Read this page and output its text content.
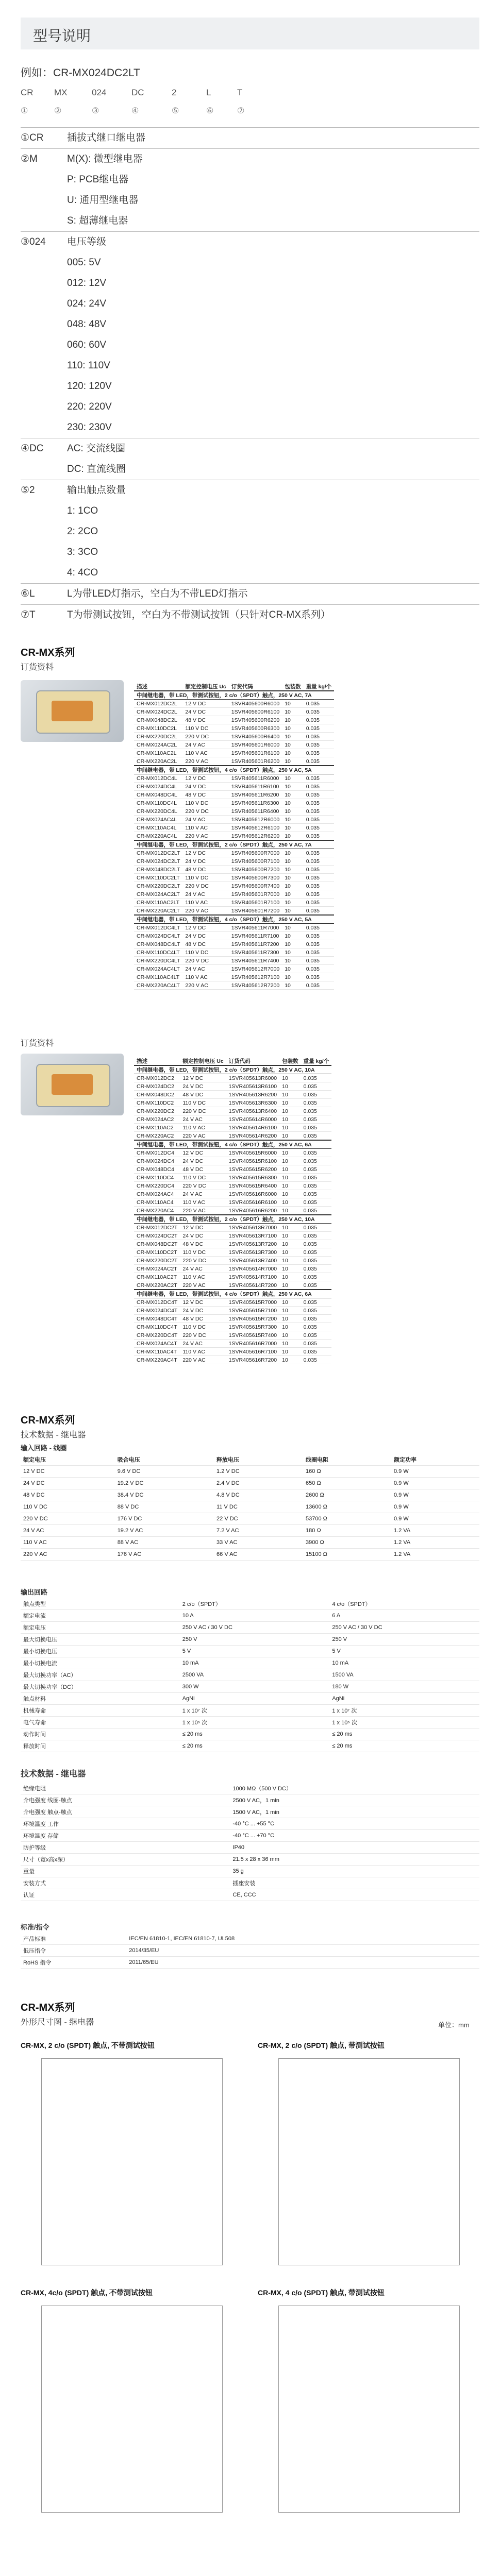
型号说明
例如：CR-MX024DC2LT
CR MX	024	DC	2	L	T
①	②	③	④	⑤	⑥	⑦
①CR 插拔式继口继电器
②M	M(X): 微型继电器
P: PCB继电器
U: 通用型继电器
S: 超薄继电器
③024 电压等级
005: 5V
012: 12V
024: 24V
048: 48V
060: 60V
110: 110V
120: 120V
220: 220V
230: 230V
④DC AC: 交流线圈
DC: 直流线圈
⑤2	输出触点数量
1: 1CO
2: 2CO
3: 3CO
4: 4CO
⑥L	L为带LED灯指示，空白为不带LED灯指示
⑦T	T为带测试按钮，空白为不带测试按钮（只针对CR-MX系列）
CR-MX系列
订货资料
描述	额定控制电压 Uc	订货代码	包装数	重量 kg/个
中间继电器，带 LED，带测试按钮，2 c/o（SPDT）触点，250 V AC, 7A				
CR-MX012DC2L	12 V DC	1SVR405600R6000	10	0.035
CR-MX024DC2L	24 V DC	1SVR405600R6100	10	0.035
CR-MX048DC2L	48 V DC	1SVR405600R6200	10	0.035
CR-MX110DC2L	110 V DC	1SVR405600R6300	10	0.035
CR-MX220DC2L	220 V DC	1SVR405600R6400	10	0.035
CR-MX024AC2L	24 V AC	1SVR405601R6000	10	0.035
CR-MX110AC2L	110 V AC	1SVR405601R6100	10	0.035
CR-MX220AC2L	220 V AC	1SVR405601R6200	10	0.035
中间继电器，带 LED，带测试按钮，4 c/o（SPDT）触点，250 V AC, 5A				
CR-MX012DC4L	12 V DC	1SVR405611R6000	10	0.035
CR-MX024DC4L	24 V DC	1SVR405611R6100	10	0.035
CR-MX048DC4L	48 V DC	1SVR405611R6200	10	0.035
CR-MX110DC4L	110 V DC	1SVR405611R6300	10	0.035
CR-MX220DC4L	220 V DC	1SVR405611R6400	10	0.035
CR-MX024AC4L	24 V AC	1SVR405612R6000	10	0.035
CR-MX110AC4L	110 V AC	1SVR405612R6100	10	0.035
CR-MX220AC4L	220 V AC	1SVR405612R6200	10	0.035
中间继电器，带 LED，带测试按钮，2 c/o（SPDT）触点，250 V AC, 7A				
CR-MX012DC2LT	12 V DC	1SVR405600R7000	10	0.035
CR-MX024DC2LT	24 V DC	1SVR405600R7100	10	0.035
CR-MX048DC2LT	48 V DC	1SVR405600R7200	10	0.035
CR-MX110DC2LT	110 V DC	1SVR405600R7300	10	0.035
CR-MX220DC2LT	220 V DC	1SVR405600R7400	10	0.035
CR-MX024AC2LT	24 V AC	1SVR405601R7000	10	0.035
CR-MX110AC2LT	110 V AC	1SVR405601R7100	10	0.035
CR-MX220AC2LT	220 V AC	1SVR405601R7200	10	0.035
中间继电器，带 LED，带测试按钮，4 c/o（SPDT）触点，250 V AC, 5A				
CR-MX012DC4LT	12 V DC	1SVR405611R7000	10	0.035
CR-MX024DC4LT	24 V DC	1SVR405611R7100	10	0.035
CR-MX048DC4LT	48 V DC	1SVR405611R7200	10	0.035
CR-MX110DC4LT	110 V DC	1SVR405611R7300	10	0.035
CR-MX220DC4LT	220 V DC	1SVR405611R7400	10	0.035
CR-MX024AC4LT	24 V AC	1SVR405612R7000	10	0.035
CR-MX110AC4LT	110 V AC	1SVR405612R7100	10	0.035
CR-MX220AC4LT	220 V AC	1SVR405612R7200	10	0.035
订货资料
描述	额定控制电压 Uc	订货代码	包装数	重量 kg/个
中间继电器，带 LED，带测试按钮，2 c/o（SPDT）触点，250 V AC, 10A				
CR-MX012DC2	12 V DC	1SVR405613R6000	10	0.035
CR-MX024DC2	24 V DC	1SVR405613R6100	10	0.035
CR-MX048DC2	48 V DC	1SVR405613R6200	10	0.035
CR-MX110DC2	110 V DC	1SVR405613R6300	10	0.035
CR-MX220DC2	220 V DC	1SVR405613R6400	10	0.035
CR-MX024AC2	24 V AC	1SVR405614R6000	10	0.035
CR-MX110AC2	110 V AC	1SVR405614R6100	10	0.035
CR-MX220AC2	220 V AC	1SVR405614R6200	10	0.035
中间继电器，带 LED，带测试按钮，4 c/o（SPDT）触点，250 V AC, 6A				
CR-MX012DC4	12 V DC	1SVR405615R6000	10	0.035
CR-MX024DC4	24 V DC	1SVR405615R6100	10	0.035
CR-MX048DC4	48 V DC	1SVR405615R6200	10	0.035
CR-MX110DC4	110 V DC	1SVR405615R6300	10	0.035
CR-MX220DC4	220 V DC	1SVR405615R6400	10	0.035
CR-MX024AC4	24 V AC	1SVR405616R6000	10	0.035
CR-MX110AC4	110 V AC	1SVR405616R6100	10	0.035
CR-MX220AC4	220 V AC	1SVR405616R6200	10	0.035
中间继电器，带 LED，带测试按钮，2 c/o（SPDT）触点，250 V AC, 10A				
CR-MX012DC2T	12 V DC	1SVR405613R7000	10	0.035
CR-MX024DC2T	24 V DC	1SVR405613R7100	10	0.035
CR-MX048DC2T	48 V DC	1SVR405613R7200	10	0.035
CR-MX110DC2T	110 V DC	1SVR405613R7300	10	0.035
CR-MX220DC2T	220 V DC	1SVR405613R7400	10	0.035
CR-MX024AC2T	24 V AC	1SVR405614R7000	10	0.035
CR-MX110AC2T	110 V AC	1SVR405614R7100	10	0.035
CR-MX220AC2T	220 V AC	1SVR405614R7200	10	0.035
中间继电器，带 LED，带测试按钮，4 c/o（SPDT）触点，250 V AC, 6A				
CR-MX012DC4T	12 V DC	1SVR405615R7000	10	0.035
CR-MX024DC4T	24 V DC	1SVR405615R7100	10	0.035
CR-MX048DC4T	48 V DC	1SVR405615R7200	10	0.035
CR-MX110DC4T	110 V DC	1SVR405615R7300	10	0.035
CR-MX220DC4T	220 V DC	1SVR405615R7400	10	0.035
CR-MX024AC4T	24 V AC	1SVR405616R7000	10	0.035
CR-MX110AC4T	110 V AC	1SVR405616R7100	10	0.035
CR-MX220AC4T	220 V AC	1SVR405616R7200	10	0.035
CR-MX系列
技术数据 - 继电器
输入回路 - 线圈
额定电压	吸合电压	释放电压	线圈电阻	额定功率
12 V DC	9.6 V DC	1.2 V DC	160 Ω	0.9 W
24 V DC	19.2 V DC	2.4 V DC	650 Ω	0.9 W
48 V DC	38.4 V DC	4.8 V DC	2600 Ω	0.9 W
110 V DC	88 V DC	11 V DC	13600 Ω	0.9 W
220 V DC	176 V DC	22 V DC	53700 Ω	0.9 W
24 V AC	19.2 V AC	7.2 V AC	180 Ω	1.2 VA
110 V AC	88 V AC	33 V AC	3900 Ω	1.2 VA
220 V AC	176 V AC	66 V AC	15100 Ω	1.2 VA
输出回路
触点类型	2 c/o（SPDT）	4 c/o（SPDT）
额定电流	10 A	6 A
额定电压	250 V AC / 30 V DC	250 V AC / 30 V DC
最大切换电压	250 V	250 V
最小切换电压	5 V	5 V
最小切换电流	10 mA	10 mA
最大切换功率（AC）	2500 VA	1500 VA
最大切换功率（DC）	300 W	180 W
触点材料	AgNi	AgNi
机械寿命	1 x 10⁷ 次	1 x 10⁷ 次
电气寿命	1 x 10⁵ 次	1 x 10⁵ 次
动作时间	≤ 20 ms	≤ 20 ms
释放时间	≤ 20 ms	≤ 20 ms
技术数据 - 继电器
绝缘电阻	1000 MΩ（500 V DC）
介电强度 线圈-触点	2500 V AC，1 min
介电强度 触点-触点	1500 V AC，1 min
环境温度 工作	-40 °C ... +55 °C
环境温度 存储	-40 °C ... +70 °C
防护等级	IP40
尺寸（宽x高x深）	21.5 x 28 x 36 mm
重量	35 g
安装方式	插座安装
认证	CE, CCC
标准/指令
产品标准	IEC/EN 61810-1, IEC/EN 61810-7, UL508
低压指令	2014/35/EU
RoHS 指令	2011/65/EU
CR-MX系列
外形尺寸图 - 继电器	单位：mm
CR-MX, 2 c/o (SPDT) 触点, 不带测试按钮	CR-MX, 2 c/o (SPDT) 触点, 带测试按钮
CR-MX, 4c/o (SPDT) 触点, 不带测试按钮	CR-MX, 4 c/o (SPDT) 触点, 带测试按钮
